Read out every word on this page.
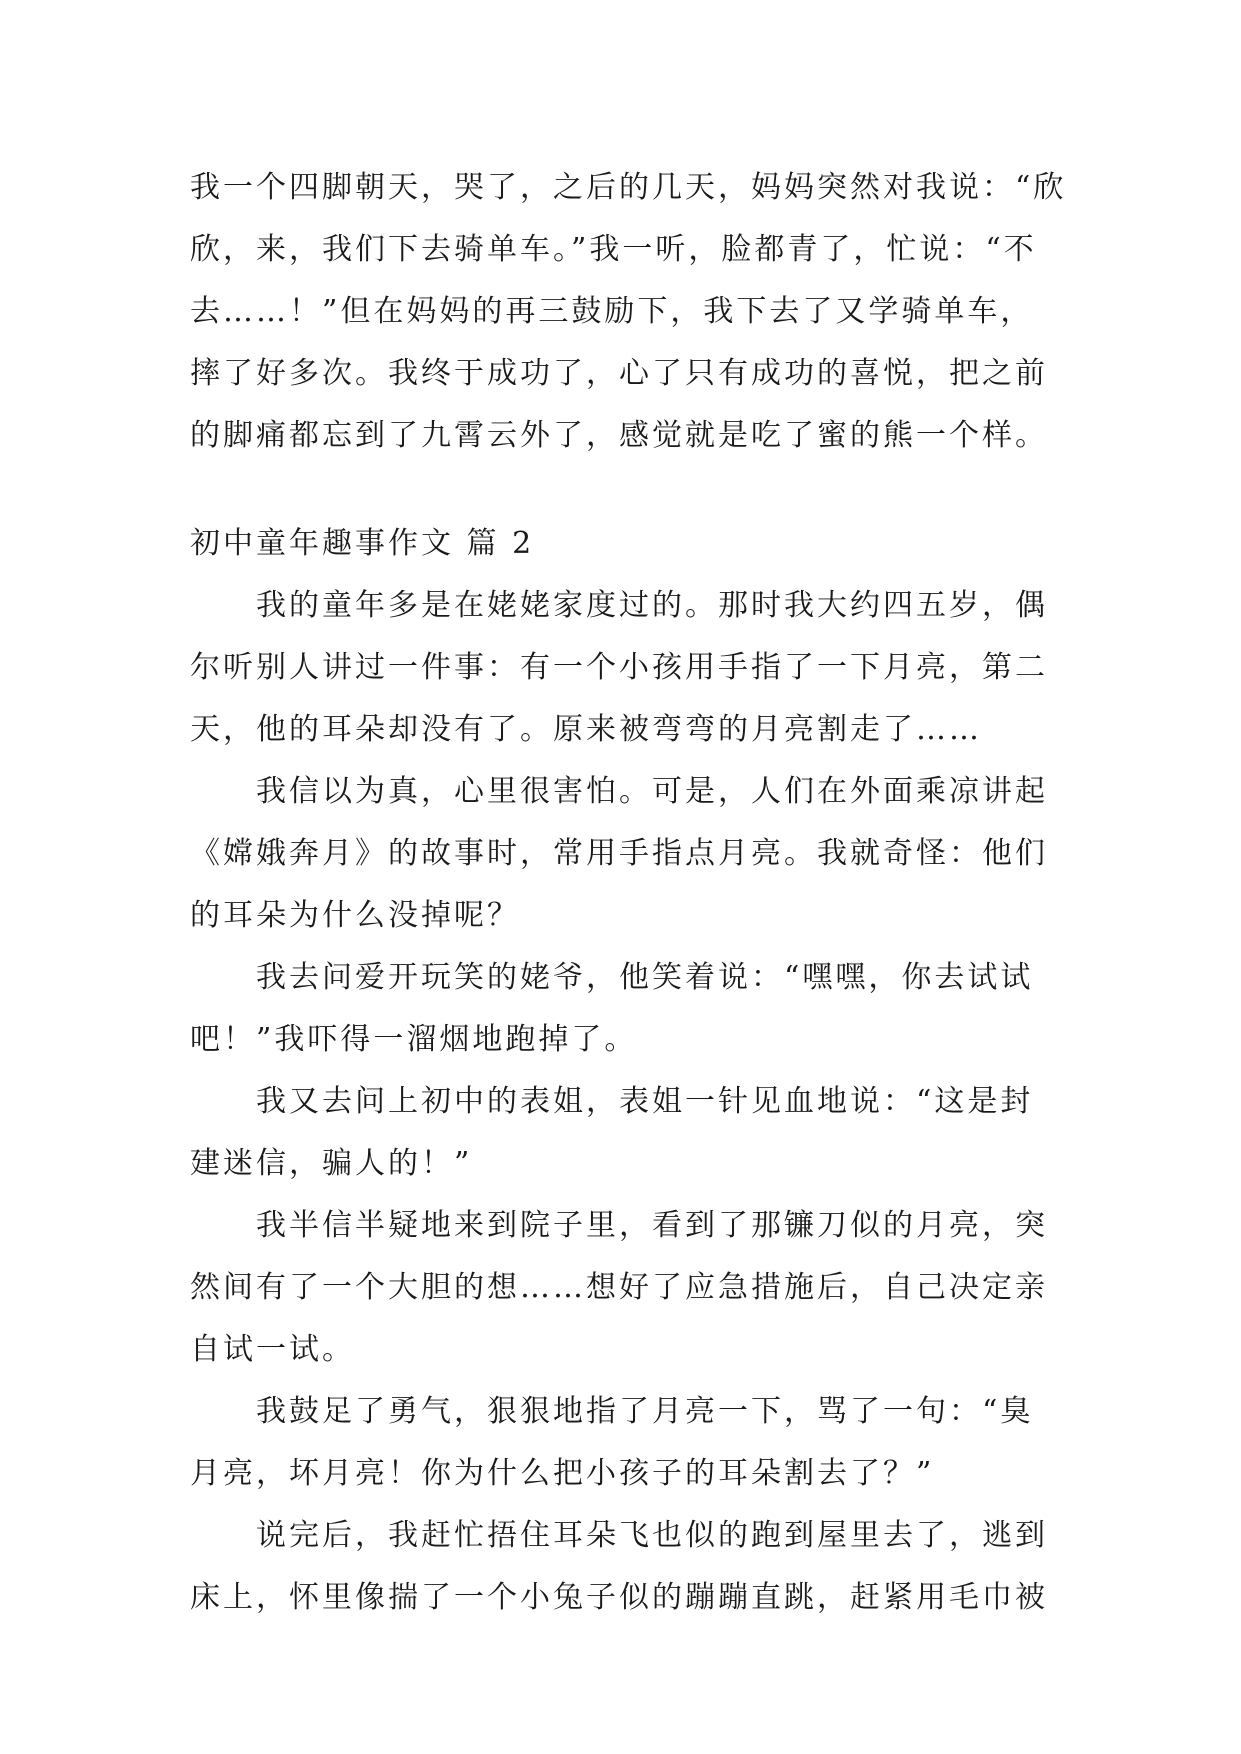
我一个四脚朝天，哭了，之后的几天，妈妈突然对我说：“欣
欣，来，我们下去骑单车。”我一听，脸都青了，忙说：“不
去……！”但在妈妈的再三鼓励下，我下去了又学骑单车，
摔了好多次。我终于成功了，心了只有成功的喜悦，把之前
的脚痛都忘到了九霄云外了，感觉就是吃了蜜的熊一个样。
初中童年趣事作文 篇 2
我的童年多是在姥姥家度过的。那时我大约四五岁，偶
尔听别人讲过一件事：有一个小孩用手指了一下月亮，第二
天，他的耳朵却没有了。原来被弯弯的月亮割走了……
我信以为真，心里很害怕。可是，人们在外面乘凉讲起
《嫦娥奔月》的故事时，常用手指点月亮。我就奇怪：他们
的耳朵为什么没掉呢？
我去问爱开玩笑的姥爷，他笑着说：“嘿嘿，你去试试
吧！”我吓得一溜烟地跑掉了。
我又去问上初中的表姐，表姐一针见血地说：“这是封
建迷信，骗人的！”
我半信半疑地来到院子里，看到了那镰刀似的月亮，突
然间有了一个大胆的想……想好了应急措施后，自己决定亲
自试一试。
我鼓足了勇气，狠狠地指了月亮一下，骂了一句：“臭
月亮，坏月亮！你为什么把小孩子的耳朵割去了？”
说完后，我赶忙捂住耳朵飞也似的跑到屋里去了，逃到
床上，怀里像揣了一个小兔子似的蹦蹦直跳，赶紧用毛巾被
